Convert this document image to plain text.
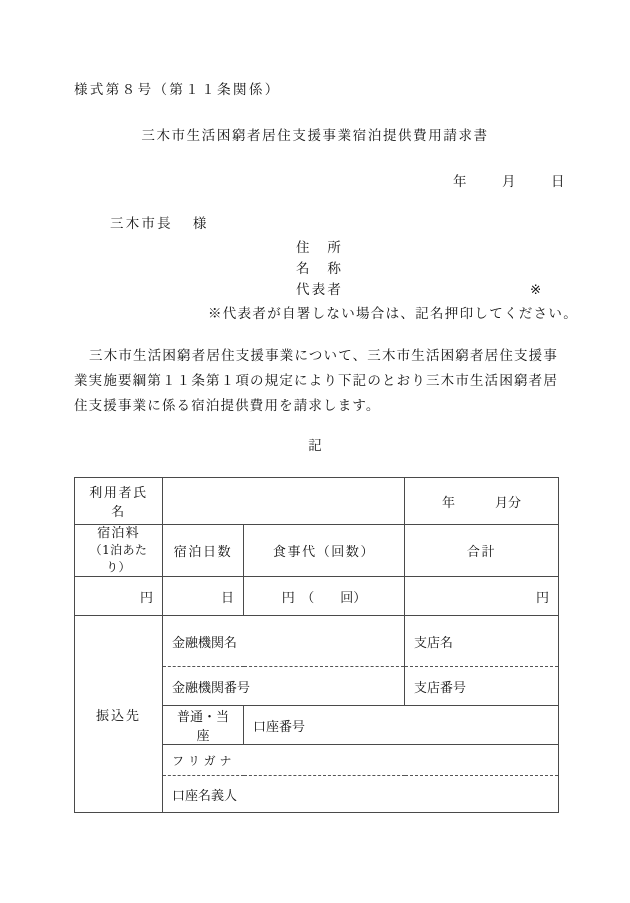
様式第８号（第１１条関係）
三木市生活困窮者居住支援事業宿泊提供費用請求書
年	月	日
三木市長 様
住　所
名　称
代表者	※
※代表者が自署しない場合は、記名押印してください。
三木市生活困窮者居住支援事業について、三木市生活困窮者居住支援事業実施要綱第１１条第１項の規定により下記のとおり三木市生活困窮者居住支援事業に係る宿泊提供費用を請求します。
記
利用者氏名			年 月分

宿泊料
（1泊あたり）	宿泊日数	食事代（回数）	合計
円	日	円　（　　回）	円
振込先	金融機関名		支店名
	金融機関番号		支店番号
	普通・当座	口座番号	
	フ リ ガ ナ		
	口座名義人		
